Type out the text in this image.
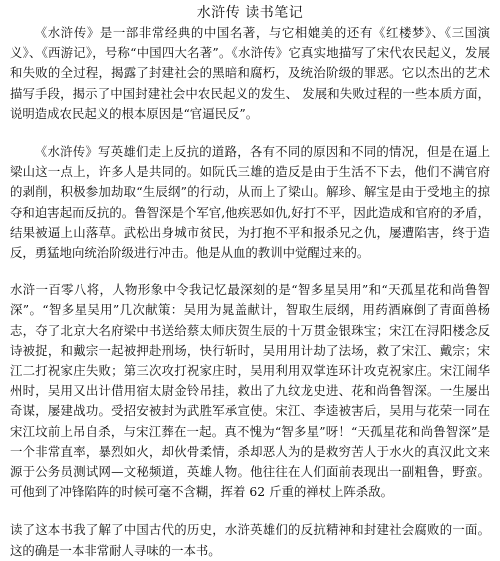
水浒传 读书笔记

《水浒传》是一部非常经典的中国名著，与它相媲美的还有《红楼梦》、《三国演义》、《西游记》，号称“中国四大名著”。《水浒传》它真实地描写了宋代农民起义，发展和失败的全过程，揭露了封建社会的黑暗和腐朽，及统治阶级的罪恶。它以杰出的艺术描写手段，揭示了中国封建社会中农民起义的发生、 发展和失败过程的一些本质方面，说明造成农民起义的根本原因是“官逼民反”。

《水浒传》写英雄们走上反抗的道路，各有不同的原因和不同的情况，但是在逼上梁山这一点上，许多人是共同的。如阮氏三雄的造反是由于生活不下去，他们不满官府的剥削，积极参加劫取“生辰纲”的行动，从而上了梁山。解珍、解宝是由于受地主的掠夺和迫害起而反抗的。鲁智深是个军官,他疾恶如仇,好打不平，因此造成和官府的矛盾，结果被逼上山落草。武松出身城市贫民，为打抱不平和报杀兄之仇，屡遭陷害，终于造反，勇猛地向统治阶级进行冲击。他是从血的教训中觉醒过来的。

水浒一百零八将，人物形象中令我记忆最深刻的是“智多星吴用”和“天孤星花和尚鲁智深”。“智多星吴用”几次献策：吴用为晁盖献计，智取生辰纲，用药酒麻倒了青面兽杨志，夺了北京大名府梁中书送给蔡太师庆贺生辰的十万贯金银珠宝；宋江在浔阳楼念反诗被捉，和戴宗一起被押赴刑场，快行斩时，吴用用计劫了法场，救了宋江、戴宗；宋江二打祝家庄失败；第三次攻打祝家庄时，吴用利用双掌连环计攻克祝家庄。宋江闹华州时，吴用又出计借用宿太尉金铃吊挂，救出了九纹龙史进、花和尚鲁智深。一生屡出奇谋，屡建战功。受招安被封为武胜军承宣使。宋江、李逵被害后，吴用与花荣一同在宋江坟前上吊自杀，与宋江葬在一起。真不愧为“智多星”呀！“天孤星花和尚鲁智深”是一个非常直率，暴烈如火，却伙骨柔情，杀却恶人为的是救穷苦人于水火的真汉此文来源于公务员测试网—文秘频道，英雄人物。他往往在人们面前表现出一副粗鲁，野蛮。可他到了冲锋陷阵的时候可毫不含糊，挥着 62 斤重的禅杖上阵杀敌。

读了这本书我了解了中国古代的历史，水浒英雄们的反抗精神和封建社会腐败的一面。这的确是一本非常耐人寻味的一本书。
